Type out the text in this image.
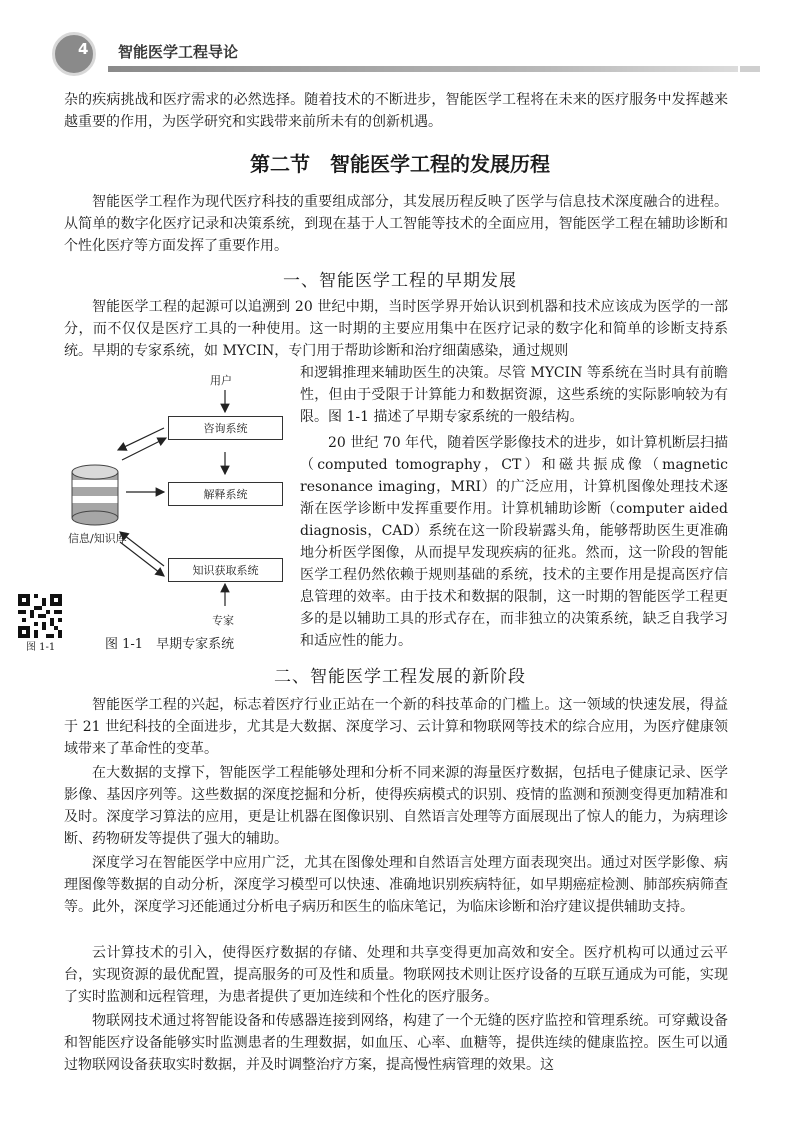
4 智能医学工程导论
杂的疾病挑战和医疗需求的必然选择。随着技术的不断进步，智能医学工程将在未来的医疗服务中发挥越来越重要的作用，为医学研究和实践带来前所未有的创新机遇。
第二节　智能医学工程的发展历程
智能医学工程作为现代医疗科技的重要组成部分，其发展历程反映了医学与信息技术深度融合的进程。从简单的数字化医疗记录和决策系统，到现在基于人工智能等技术的全面应用，智能医学工程在辅助诊断和个性化医疗等方面发挥了重要作用。
一、智能医学工程的早期发展
智能医学工程的起源可以追溯到 20 世纪中期，当时医学界开始认识到机器和技术应该成为医学的一部分，而不仅仅是医疗工具的一种使用。这一时期的主要应用集中在医疗记录的数字化和简单的诊断支持系统。早期的专家系统，如 MYCIN，专门用于帮助诊断和治疗细菌感染，通过规则
和逻辑推理来辅助医生的决策。尽管 MYCIN 等系统在当时具有前瞻性，但由于受限于计算能力和数据资源，这些系统的实际影响较为有限。图 1-1 描述了早期专家系统的一般结构。
20 世纪 70 年代，随着医学影像技术的进步，如计算机断层扫描（computed tomography，CT）和磁共振成像（magnetic resonance imaging，MRI）的广泛应用，计算机图像处理技术逐渐在医学诊断中发挥重要作用。计算机辅助诊断（computer aided diagnosis，CAD）系统在这一阶段崭露头角，能够帮助医生更准确地分析医学图像，从而提早发现疾病的征兆。然而，这一阶段的智能医学工程仍然依赖于规则基础的系统，技术的主要作用是提高医疗信息管理的效率。由于技术和数据的限制，这一时期的智能医学工程更多的是以辅助工具的形式存在，而非独立的决策系统，缺乏自我学习和适应性的能力。
用户
咨询系统
解释系统
信息/知识库
知识获取系统
专家
图 1-1	图 1-1　早期专家系统
二、智能医学工程发展的新阶段
智能医学工程的兴起，标志着医疗行业正站在一个新的科技革命的门槛上。这一领域的快速发展，得益于 21 世纪科技的全面进步，尤其是大数据、深度学习、云计算和物联网等技术的综合应用，为医疗健康领域带来了革命性的变革。
在大数据的支撑下，智能医学工程能够处理和分析不同来源的海量医疗数据，包括电子健康记录、医学影像、基因序列等。这些数据的深度挖掘和分析，使得疾病模式的识别、疫情的监测和预测变得更加精准和及时。深度学习算法的应用，更是让机器在图像识别、自然语言处理等方面展现出了惊人的能力，为病理诊断、药物研发等提供了强大的辅助。
深度学习在智能医学中应用广泛，尤其在图像处理和自然语言处理方面表现突出。通过对医学影像、病理图像等数据的自动分析，深度学习模型可以快速、准确地识别疾病特征，如早期癌症检测、肺部疾病筛查等。此外，深度学习还能通过分析电子病历和医生的临床笔记，为临床诊断和治疗建议提供辅助支持。
云计算技术的引入，使得医疗数据的存储、处理和共享变得更加高效和安全。医疗机构可以通过云平台，实现资源的最优配置，提高服务的可及性和质量。物联网技术则让医疗设备的互联互通成为可能，实现了实时监测和远程管理，为患者提供了更加连续和个性化的医疗服务。
物联网技术通过将智能设备和传感器连接到网络，构建了一个无缝的医疗监控和管理系统。可穿戴设备和智能医疗设备能够实时监测患者的生理数据，如血压、心率、血糖等，提供连续的健康监控。医生可以通过物联网设备获取实时数据，并及时调整治疗方案，提高慢性病管理的效果。这
